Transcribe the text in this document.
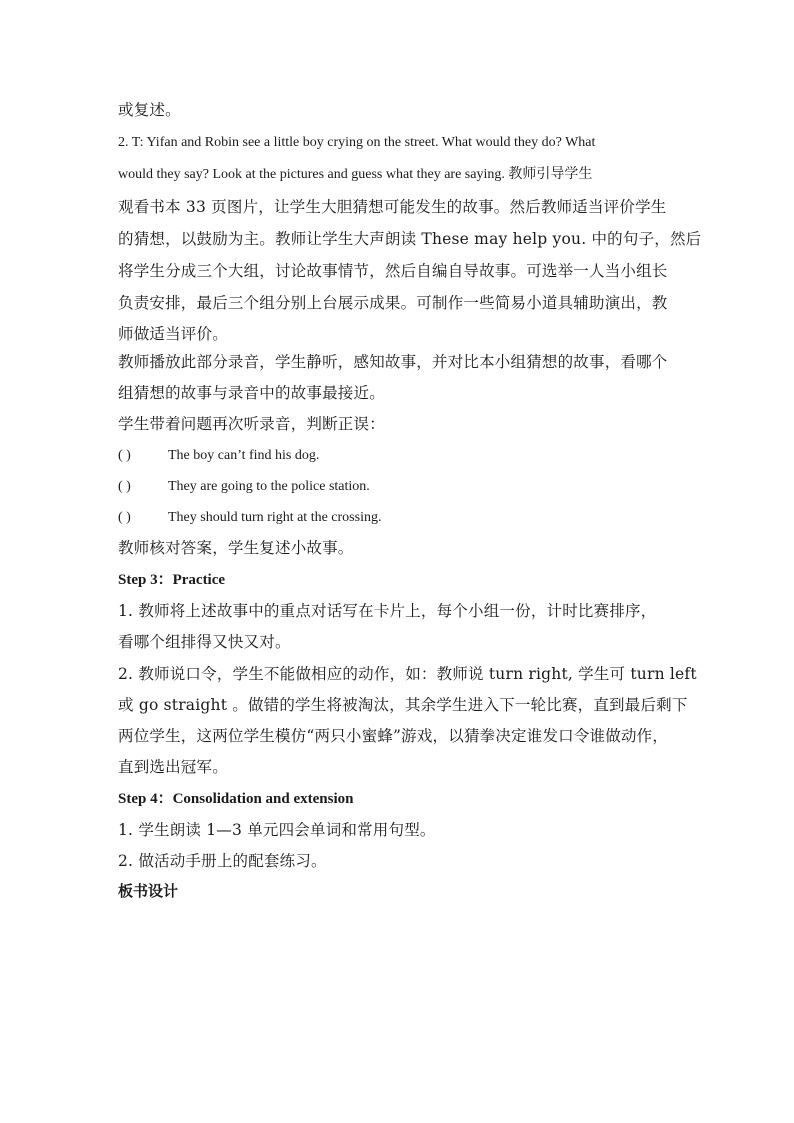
或复述。
2. T: Yifan and Robin see a little boy crying on the street. What would they do? What
would they say? Look at the pictures and guess what they are saying. 教师引导学生
观看书本 33 页图片，让学生大胆猜想可能发生的故事。然后教师适当评价学生
的猜想，以鼓励为主。教师让学生大声朗读 These may help you. 中的句子，然后
将学生分成三个大组，讨论故事情节，然后自编自导故事。可选举一人当小组长
负责安排，最后三个组分别上台展示成果。可制作一些简易小道具辅助演出，教
师做适当评价。
教师播放此部分录音，学生静听，感知故事，并对比本小组猜想的故事，看哪个
组猜想的故事与录音中的故事最接近。
学生带着问题再次听录音，判断正误：
( )	The boy can’t find his dog.
( )	They are going to the police station.
( )	They should turn right at the crossing.
教师核对答案，学生复述小故事。
Step 3：Practice
1. 教师将上述故事中的重点对话写在卡片上，每个小组一份，计时比赛排序，
看哪个组排得又快又对。
2. 教师说口令，学生不能做相应的动作，如：教师说 turn right, 学生可 turn left
或 go straight 。做错的学生将被淘汰，其余学生进入下一轮比赛，直到最后剩下
两位学生，这两位学生模仿“两只小蜜蜂”游戏，以猜拳决定谁发口令谁做动作，
直到选出冠军。
Step 4：Consolidation and extension
1. 学生朗读 1—3 单元四会单词和常用句型。
2. 做活动手册上的配套练习。
板书设计
